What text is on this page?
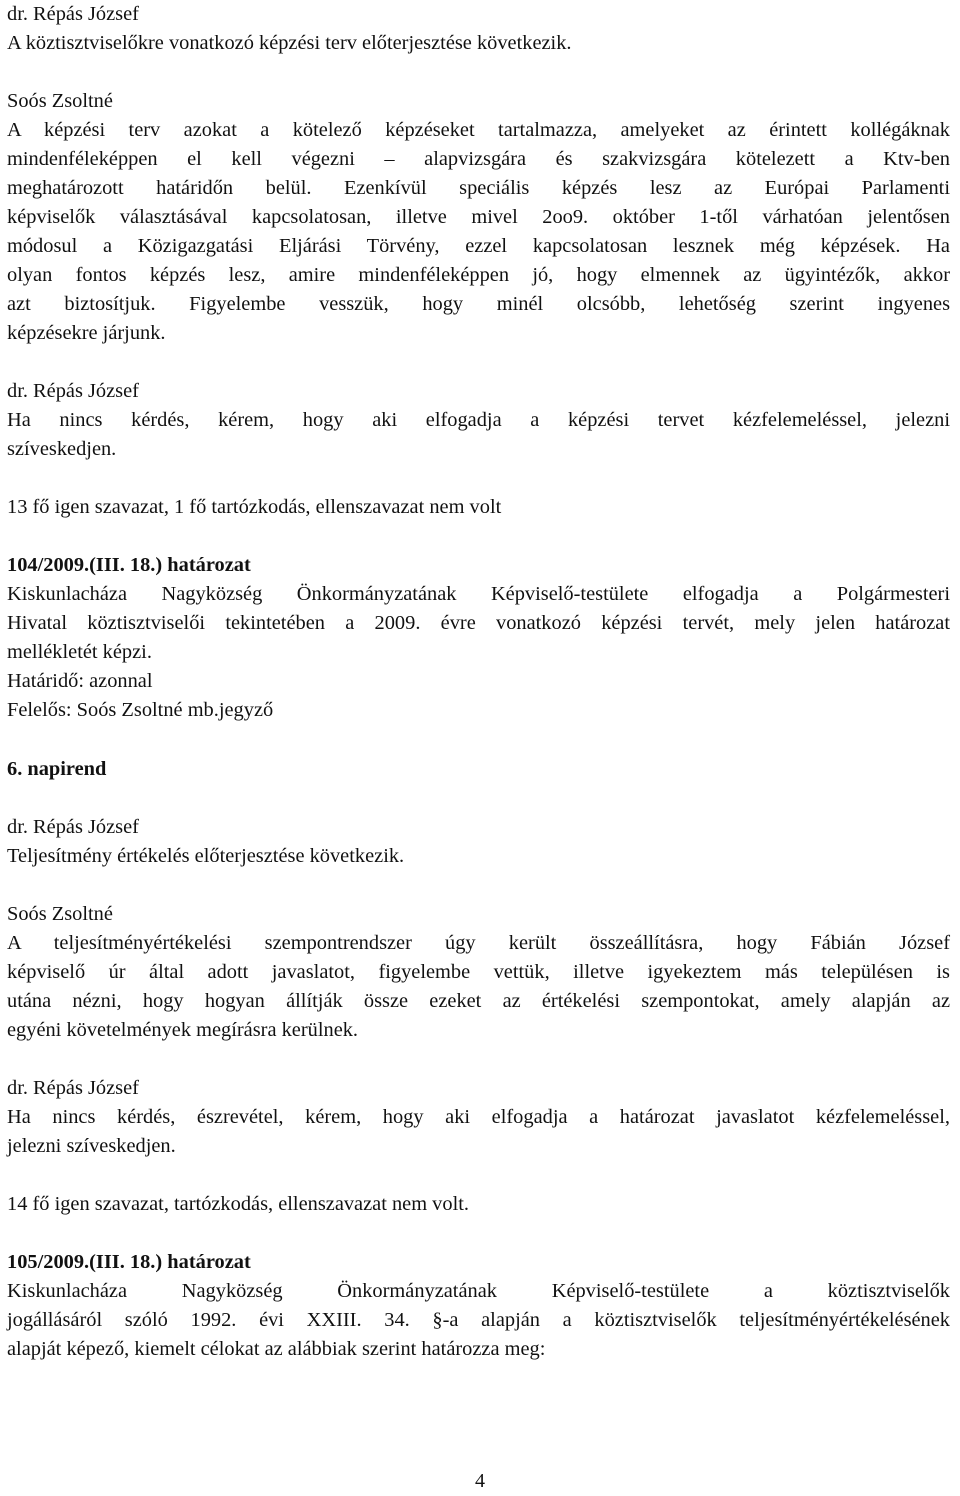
dr. Répás József
A köztisztviselőkre vonatkozó képzési terv előterjesztése következik.
Soós Zsoltné
A képzési terv azokat a kötelező képzéseket tartalmazza, amelyeket az érintett kollégáknak
mindenféleképpen el kell végezni – alapvizsgára és szakvizsgára kötelezett a Ktv-ben
meghatározott határidőn belül. Ezenkívül speciális képzés lesz az Európai Parlamenti
képviselők választásával kapcsolatosan, illetve mivel 2oo9. október 1-től várhatóan jelentősen
módosul a Közigazgatási Eljárási Törvény, ezzel kapcsolatosan lesznek még képzések. Ha
olyan fontos képzés lesz, amire mindenféleképpen jó, hogy elmennek az ügyintézők, akkor
azt biztosítjuk. Figyelembe vesszük, hogy minél olcsóbb, lehetőség szerint ingyenes
képzésekre járjunk.
dr. Répás József
Ha nincs kérdés, kérem, hogy aki elfogadja a képzési tervet kézfelemeléssel, jelezni
szíveskedjen.
13 fő igen szavazat, 1 fő tartózkodás, ellenszavazat nem volt
104/2009.(III. 18.) határozat
Kiskunlacháza Nagyközség Önkormányzatának Képviselő-testülete elfogadja a Polgármesteri
Hivatal köztisztviselői tekintetében a 2009. évre vonatkozó képzési tervét, mely jelen határozat
mellékletét képzi.
Határidő: azonnal
Felelős: Soós Zsoltné mb.jegyző
6. napirend
dr. Répás József
Teljesítmény értékelés előterjesztése következik.
Soós Zsoltné
A teljesítményértékelési szempontrendszer úgy került összeállításra, hogy Fábián József
képviselő úr által adott javaslatot, figyelembe vettük, illetve igyekeztem más településen is
utána nézni, hogy hogyan állítják össze ezeket az értékelési szempontokat, amely alapján az
egyéni követelmények megírásra kerülnek.
dr. Répás József
Ha nincs kérdés, észrevétel, kérem, hogy aki elfogadja a határozat javaslatot kézfelemeléssel,
jelezni szíveskedjen.
14 fő igen szavazat, tartózkodás, ellenszavazat nem volt.
105/2009.(III. 18.) határozat
Kiskunlacháza Nagyközség Önkormányzatának Képviselő-testülete a köztisztviselők
jogállásáról szóló 1992. évi XXIII. 34. §-a alapján a köztisztviselők teljesítményértékelésének
alapját képező, kiemelt célokat az alábbiak szerint határozza meg:
4
